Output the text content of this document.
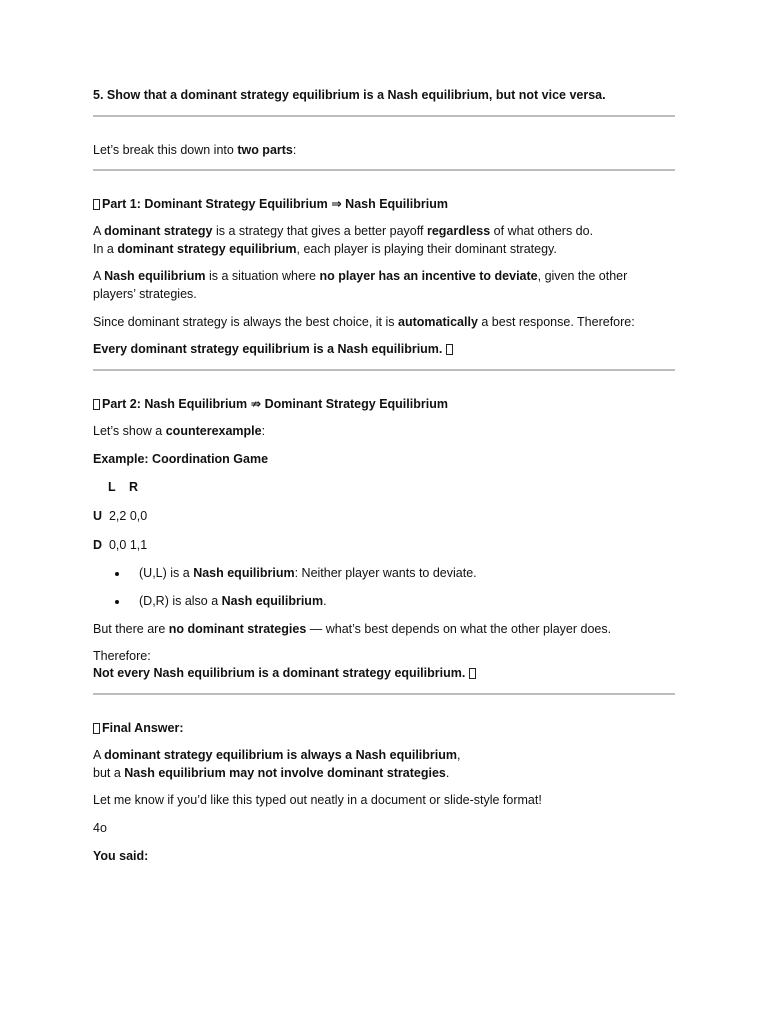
5. Show that a dominant strategy equilibrium is a Nash equilibrium, but not vice versa.
Let’s break this down into two parts:
Part 1: Dominant Strategy Equilibrium ⇒ Nash Equilibrium
A dominant strategy is a strategy that gives a better payoff regardless of what others do.
In a dominant strategy equilibrium, each player is playing their dominant strategy.
A Nash equilibrium is a situation where no player has an incentive to deviate, given the other
players’ strategies.
Since dominant strategy is always the best choice, it is automatically a best response. Therefore:
Every dominant strategy equilibrium is a Nash equilibrium.
Part 2: Nash Equilibrium ⇏ Dominant Strategy Equilibrium
Let’s show a counterexample:
Example: Coordination Game
L R
U 2,2 0,0
D 0,0 1,1
(U,L) is a Nash equilibrium: Neither player wants to deviate.
(D,R) is also a Nash equilibrium.
But there are no dominant strategies — what’s best depends on what the other player does.
Therefore:
Not every Nash equilibrium is a dominant strategy equilibrium.
Final Answer:
A dominant strategy equilibrium is always a Nash equilibrium,
but a Nash equilibrium may not involve dominant strategies.
Let me know if you’d like this typed out neatly in a document or slide-style format!
4o
You said:
